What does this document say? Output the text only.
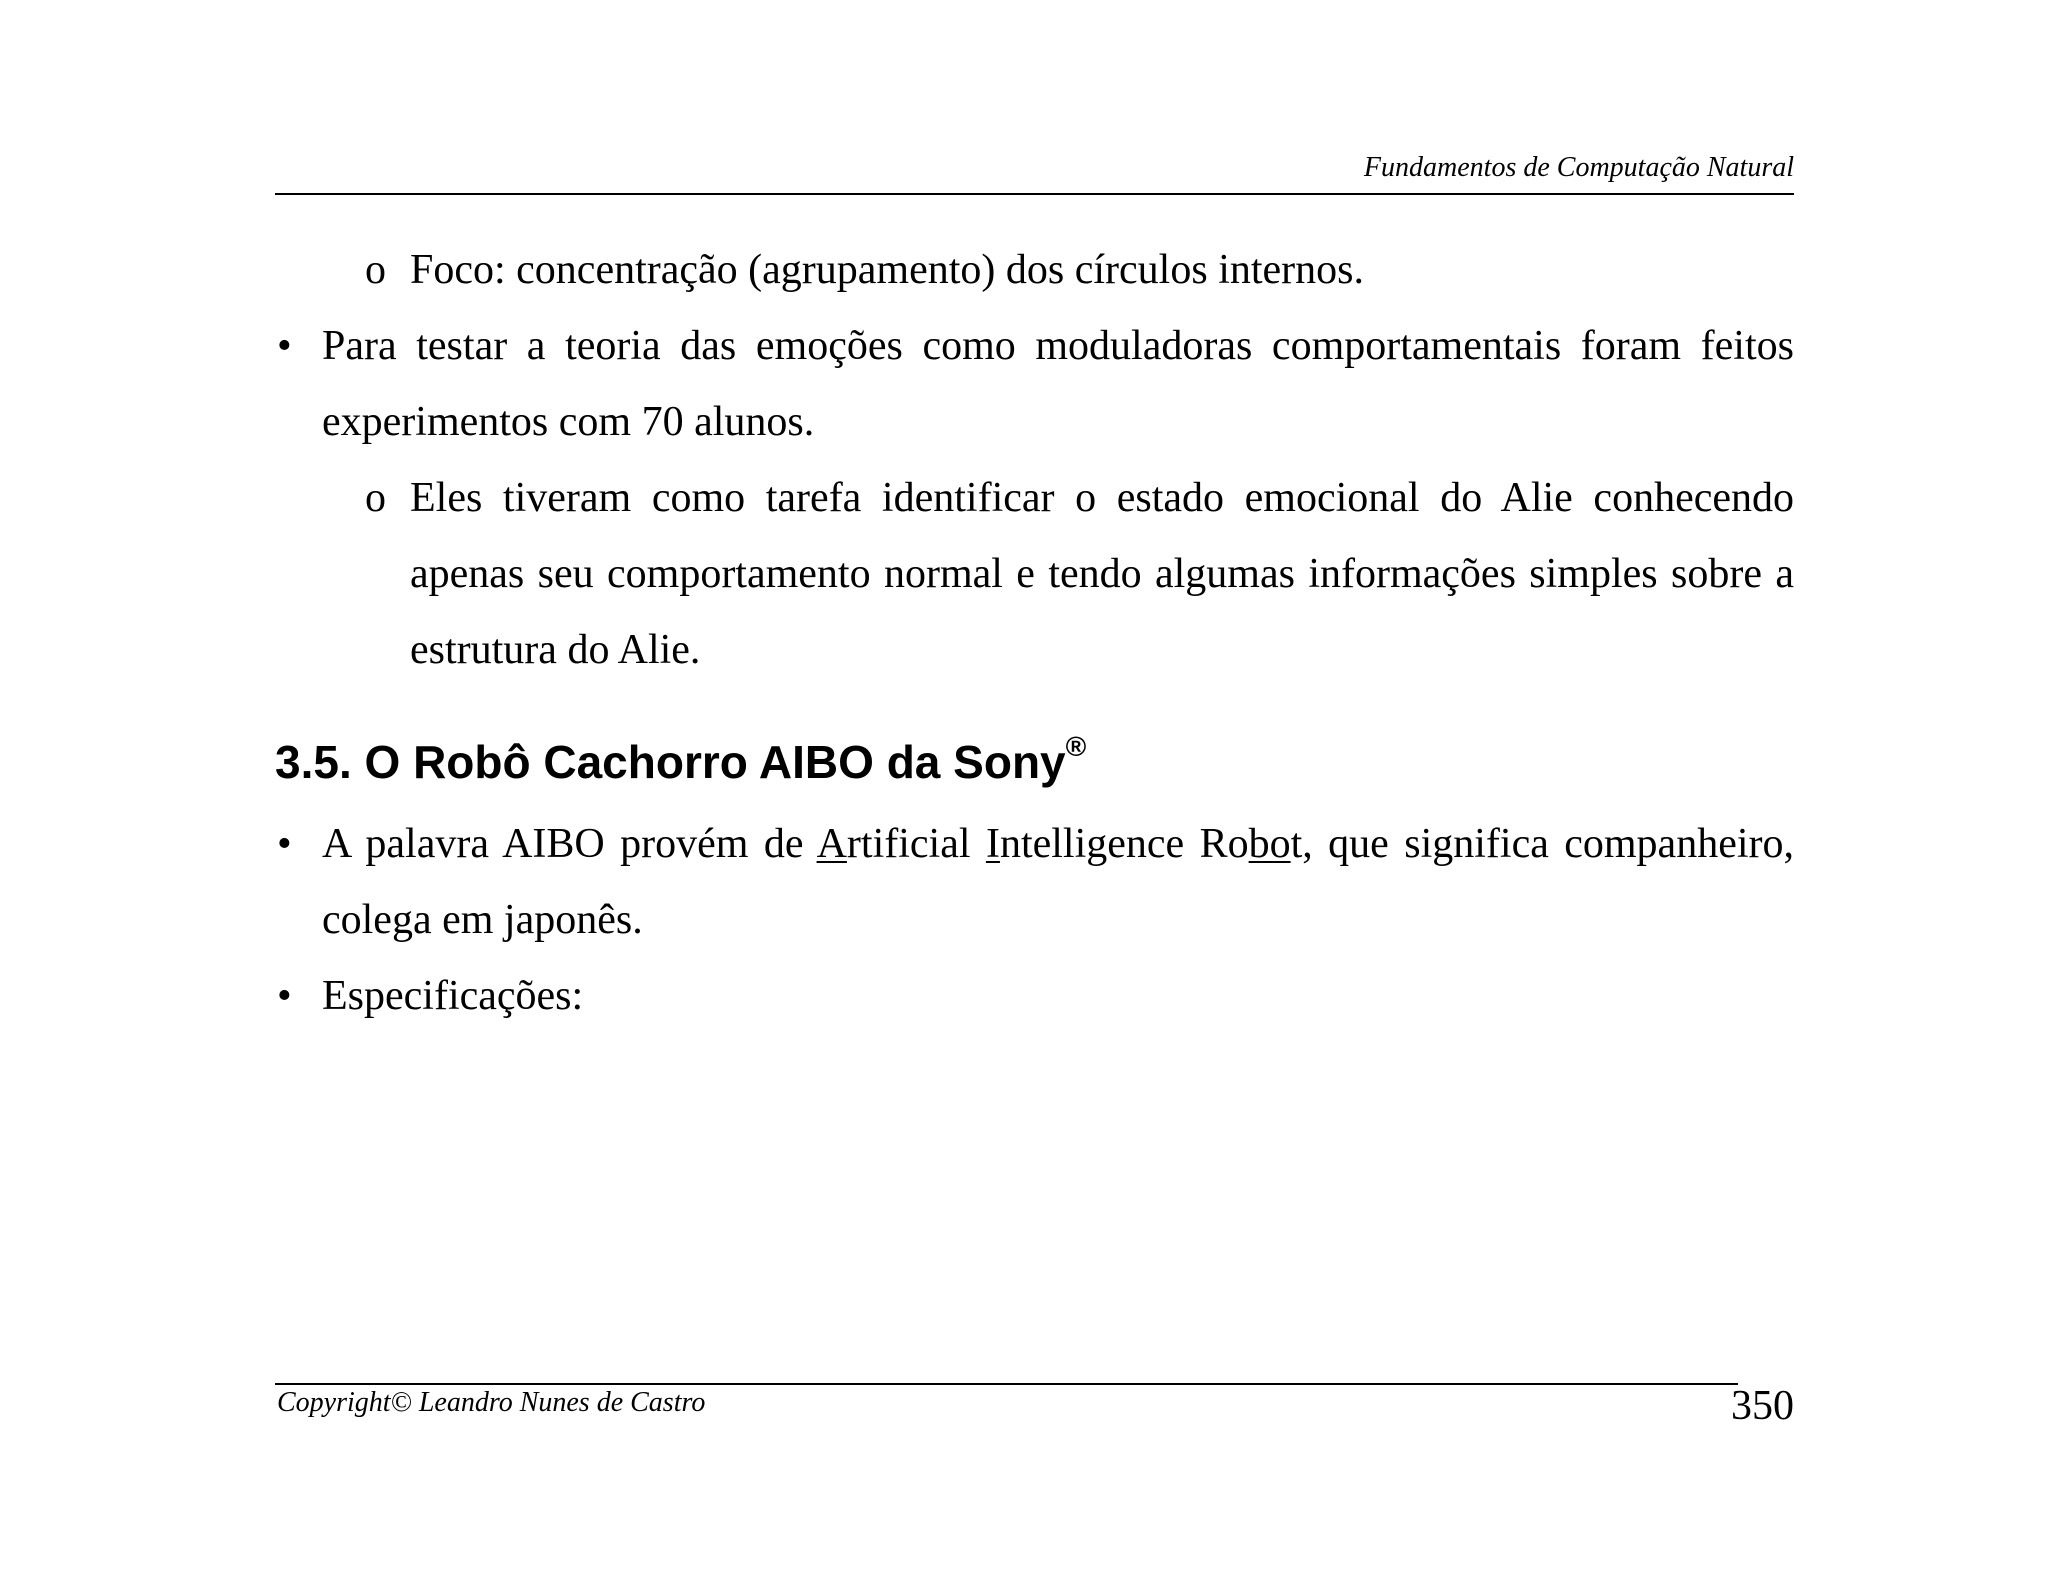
Fundamentos de Computação Natural
o Foco: concentração (agrupamento) dos círculos internos.
• Para testar a teoria das emoções como moduladoras comportamentais foram feitos experimentos com 70 alunos.
o Eles tiveram como tarefa identificar o estado emocional do Alie conhecendo apenas seu comportamento normal e tendo algumas informações simples sobre a estrutura do Alie.
3.5. O Robô Cachorro AIBO da Sony®
• A palavra AIBO provém de Artificial Intelligence Robot, que significa companheiro, colega em japonês.
• Especificações:
Copyright© Leandro Nunes de Castro	350
